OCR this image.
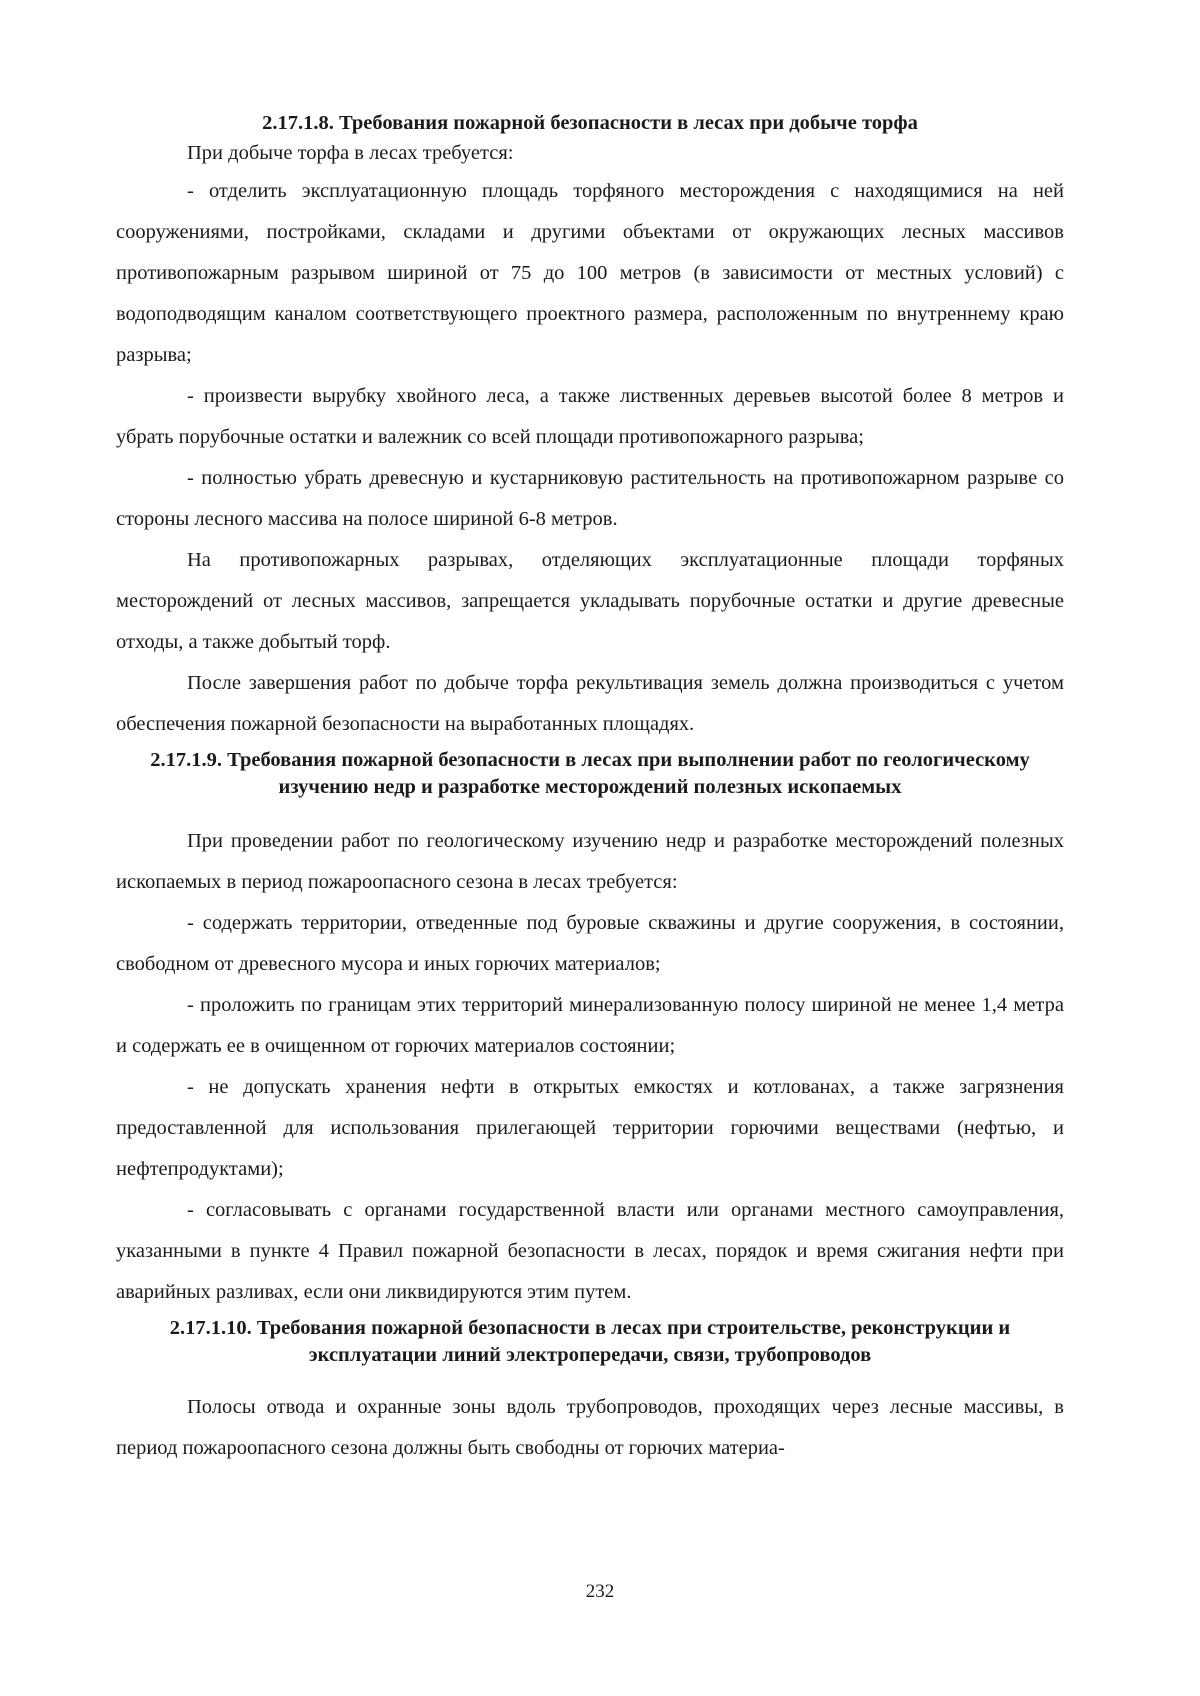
2.17.1.8. Требования пожарной безопасности в лесах при добыче торфа

При добыче торфа в лесах требуется:

- отделить эксплуатационную площадь торфяного месторождения с находящимися на ней сооружениями, постройками, складами и другими объектами от окружающих лесных массивов противопожарным разрывом шириной от 75 до 100 метров (в зависимости от местных условий) с водоподводящим каналом соответствующего проектного размера, расположенным по внутреннему краю разрыва;

- произвести вырубку хвойного леса, а также лиственных деревьев высотой более 8 метров и убрать порубочные остатки и валежник со всей площади противопожарного разрыва;

- полностью убрать древесную и кустарниковую растительность на противопожарном разрыве со стороны лесного массива на полосе шириной 6-8 метров.

На противопожарных разрывах, отделяющих эксплуатационные площади торфяных месторождений от лесных массивов, запрещается укладывать порубочные остатки и другие древесные отходы, а также добытый торф.

После завершения работ по добыче торфа рекультивация земель должна производиться с учетом обеспечения пожарной безопасности на выработанных площадях.

2.17.1.9. Требования пожарной безопасности в лесах при выполнении работ по геологическому изучению недр и разработке месторождений полезных ископаемых

При проведении работ по геологическому изучению недр и разработке месторождений полезных ископаемых в период пожароопасного сезона в лесах требуется:

- содержать территории, отведенные под буровые скважины и другие сооружения, в состоянии, свободном от древесного мусора и иных горючих материалов;

- проложить по границам этих территорий минерализованную полосу шириной не менее 1,4 метра и содержать ее в очищенном от горючих материалов состоянии;

- не допускать хранения нефти в открытых емкостях и котлованах, а также загрязнения предоставленной для использования прилегающей территории горючими веществами (нефтью, и нефтепродуктами);

- согласовывать с органами государственной власти или органами местного самоуправления, указанными в пункте 4 Правил пожарной безопасности в лесах, порядок и время сжигания нефти при аварийных разливах, если они ликвидируются этим путем.

2.17.1.10. Требования пожарной безопасности в лесах при строительстве, реконструкции и эксплуатации линий электропередачи, связи, трубопроводов

Полосы отвода и охранные зоны вдоль трубопроводов, проходящих через лесные массивы, в период пожароопасного сезона должны быть свободны от горючих материа-

232
